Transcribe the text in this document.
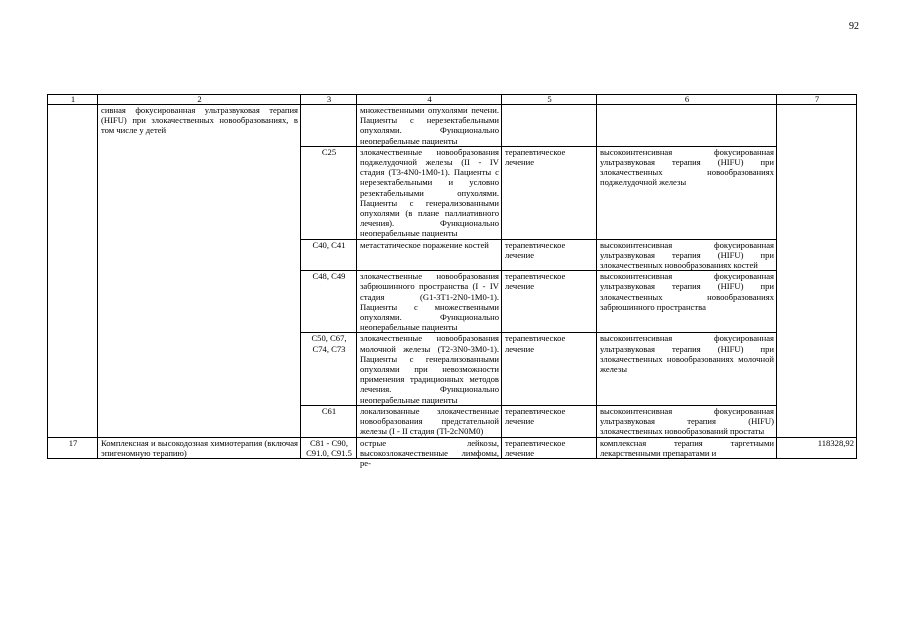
92
1	2	3	4	5	6	7
	сивная фокусированная ультразвуковая терапия (HIFU) при злокачественных новообразованиях, в том числе у детей		множественными опухолями печени. Пациенты с нерезектабельными опухолями. Функционально неоперабельные пациенты			
		C25	злокачественные новообразования поджелудочной железы (II - IV стадия (T3-4N0-1M0-1). Пациенты с нерезектабельными и условно резектабельными опухолями. Пациенты с генерализованными опухолями (в плане паллиативного лечения). Функционально неоперабельные пациенты	терапевтическое лечение	высокоинтенсивная фокусированная ультразвуковая терапия (HIFU) при злокачественных новообразованиях поджелудочной железы	
		C40, C41	метастатическое поражение костей	терапевтическое лечение	высокоинтенсивная фокусированная ультразвуковая терапия (HIFU) при злокачественных новообразованиях костей	
		C48, C49	злокачественные новообразования забрюшинного пространства (I - IV стадия (G1-3T1-2N0-1M0-1). Пациенты с множественными опухолями. Функционально неоперабельные пациенты	терапевтическое лечение	высокоинтенсивная фокусированная ультразвуковая терапия (HIFU) при злокачественных новообразованиях забрюшинного пространства	
		C50, C67, C74, C73	злокачественные новообразования молочной железы (T2-3N0-3M0-1). Пациенты с генерализованными опухолями при невозможности применения традиционных методов лечения. Функционально неоперабельные пациенты	терапевтическое лечение	высокоинтенсивная фокусированная ультразвуковая терапия (HIFU) при злокачественных новообразованиях молочной железы	
		C61	локализованные злокачественные новообразования предстательной железы (I - II стадия (Tl-2cN0M0)	терапевтическое лечение	высокоинтенсивная фокусированная ультразвуковая терапия (HIFU) злокачественных новообразований простаты	
17	Комплексная и высокодозная химиотерапия (включая эпигеномную терапию)	C81 - C90, C91.0, C91.5	острые лейкозы, высокозлокачественные лимфомы, ре-	терапевтическое лечение	комплексная терапия таргетными лекарственными препаратами и	118328,92
